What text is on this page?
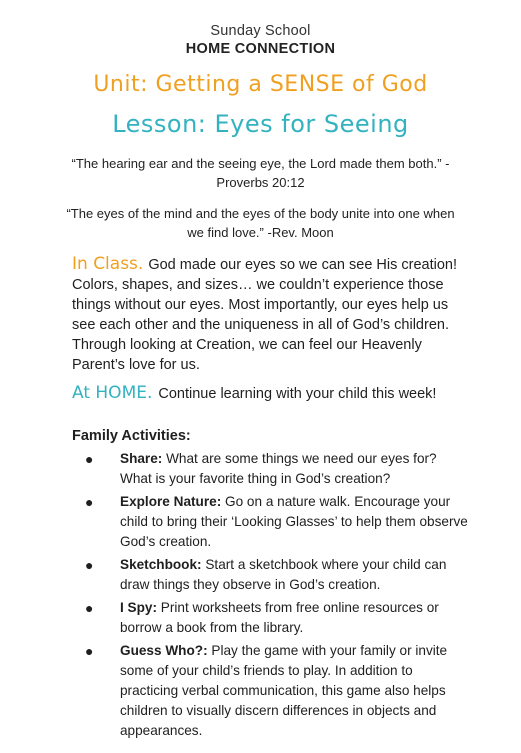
Sunday School
HOME CONNECTION
Unit: Getting a SENSE of God
Lesson: Eyes for Seeing
“The hearing ear and the seeing eye, the Lord made them both.” -Proverbs 20:12
“The eyes of the mind and the eyes of the body unite into one when we find love.” -Rev. Moon
In Class. God made our eyes so we can see His creation! Colors, shapes, and sizes… we couldn’t experience those things without our eyes. Most importantly, our eyes help us see each other and the uniqueness in all of God’s children. Through looking at Creation, we can feel our Heavenly Parent’s love for us.
At HOME. Continue learning with your child this week!
Family Activities:
● Share: What are some things we need our eyes for? What is your favorite thing in God’s creation?
● Explore Nature: Go on a nature walk. Encourage your child to bring their ‘Looking Glasses’ to help them observe God’s creation.
● Sketchbook: Start a sketchbook where your child can draw things they observe in God’s creation.
● I Spy: Print worksheets from free online resources or borrow a book from the library.
● Guess Who?: Play the game with your family or invite some of your child’s friends to play. In addition to practicing verbal communication, this game also helps children to visually discern differences in objects and appearances.
